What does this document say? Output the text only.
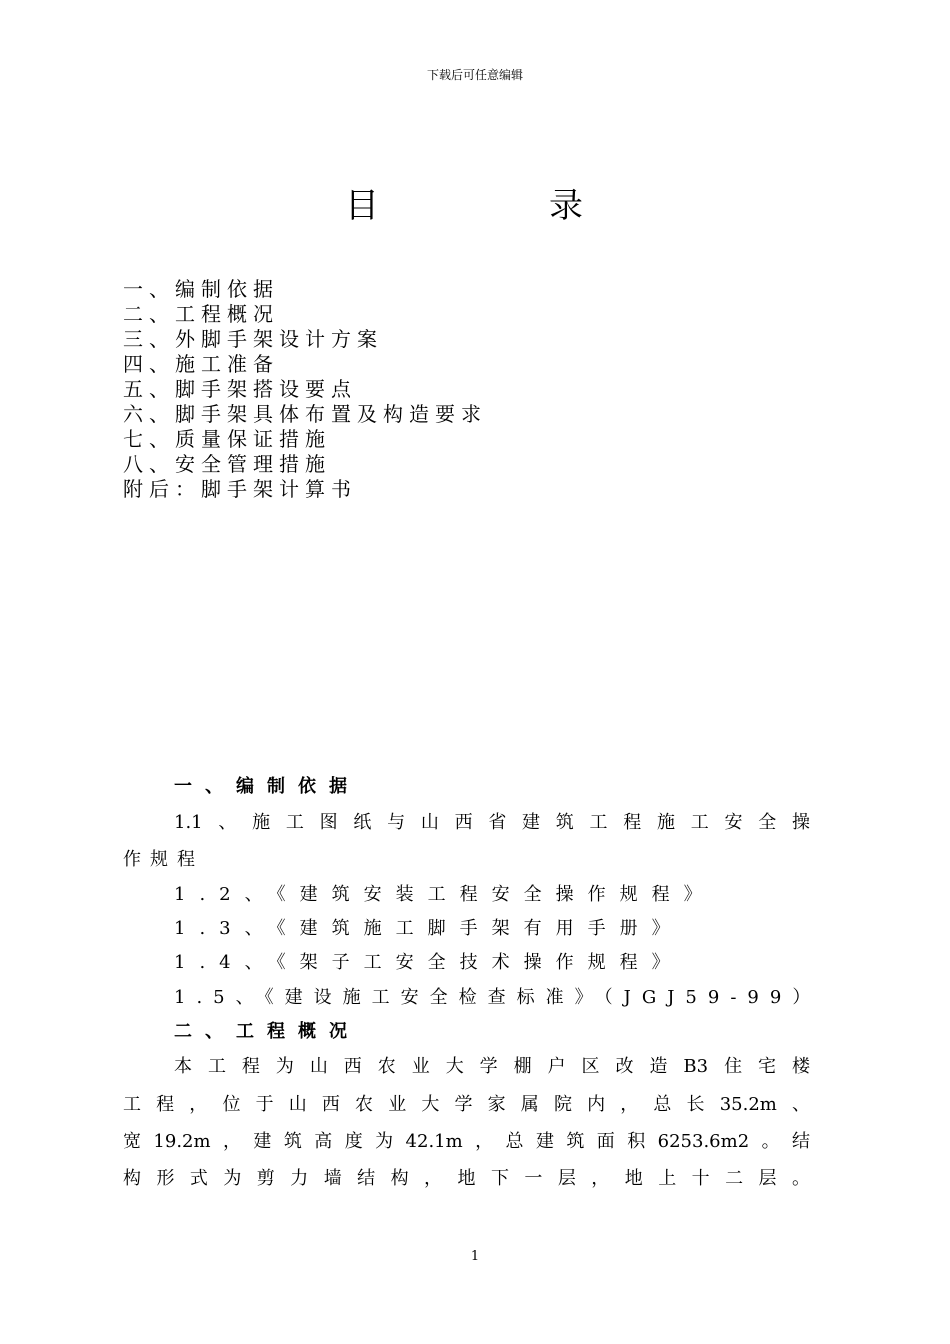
下载后可任意编辑
目	录
一、编制依据
二、工程概况
三、外脚手架设计方案
四、施工准备
五、脚手架搭设要点
六、脚手架具体布置及构造要求
七、质量保证措施
八、安全管理措施
附后：脚手架计算书
一、编制依据
1.1、施工图纸与山西省建筑工程施工安全操
作规程
1.2、《建筑安装工程安全操作规程》
1.3、《建筑施工脚手架有用手册》
1.4、《架子工安全技术操作规程》
1.5、《建设施工安全检查标准》（JGJ59-99）
二、工程概况
本工程为山西农业大学棚户区改造B3住宅楼
工程，位于山西农业大学家属院内，总长35.2m、
宽19.2m，建筑高度为42.1m，总建筑面积6253.6m2。结
构形式为剪力墙结构，地下一层，地上十二层。
1
